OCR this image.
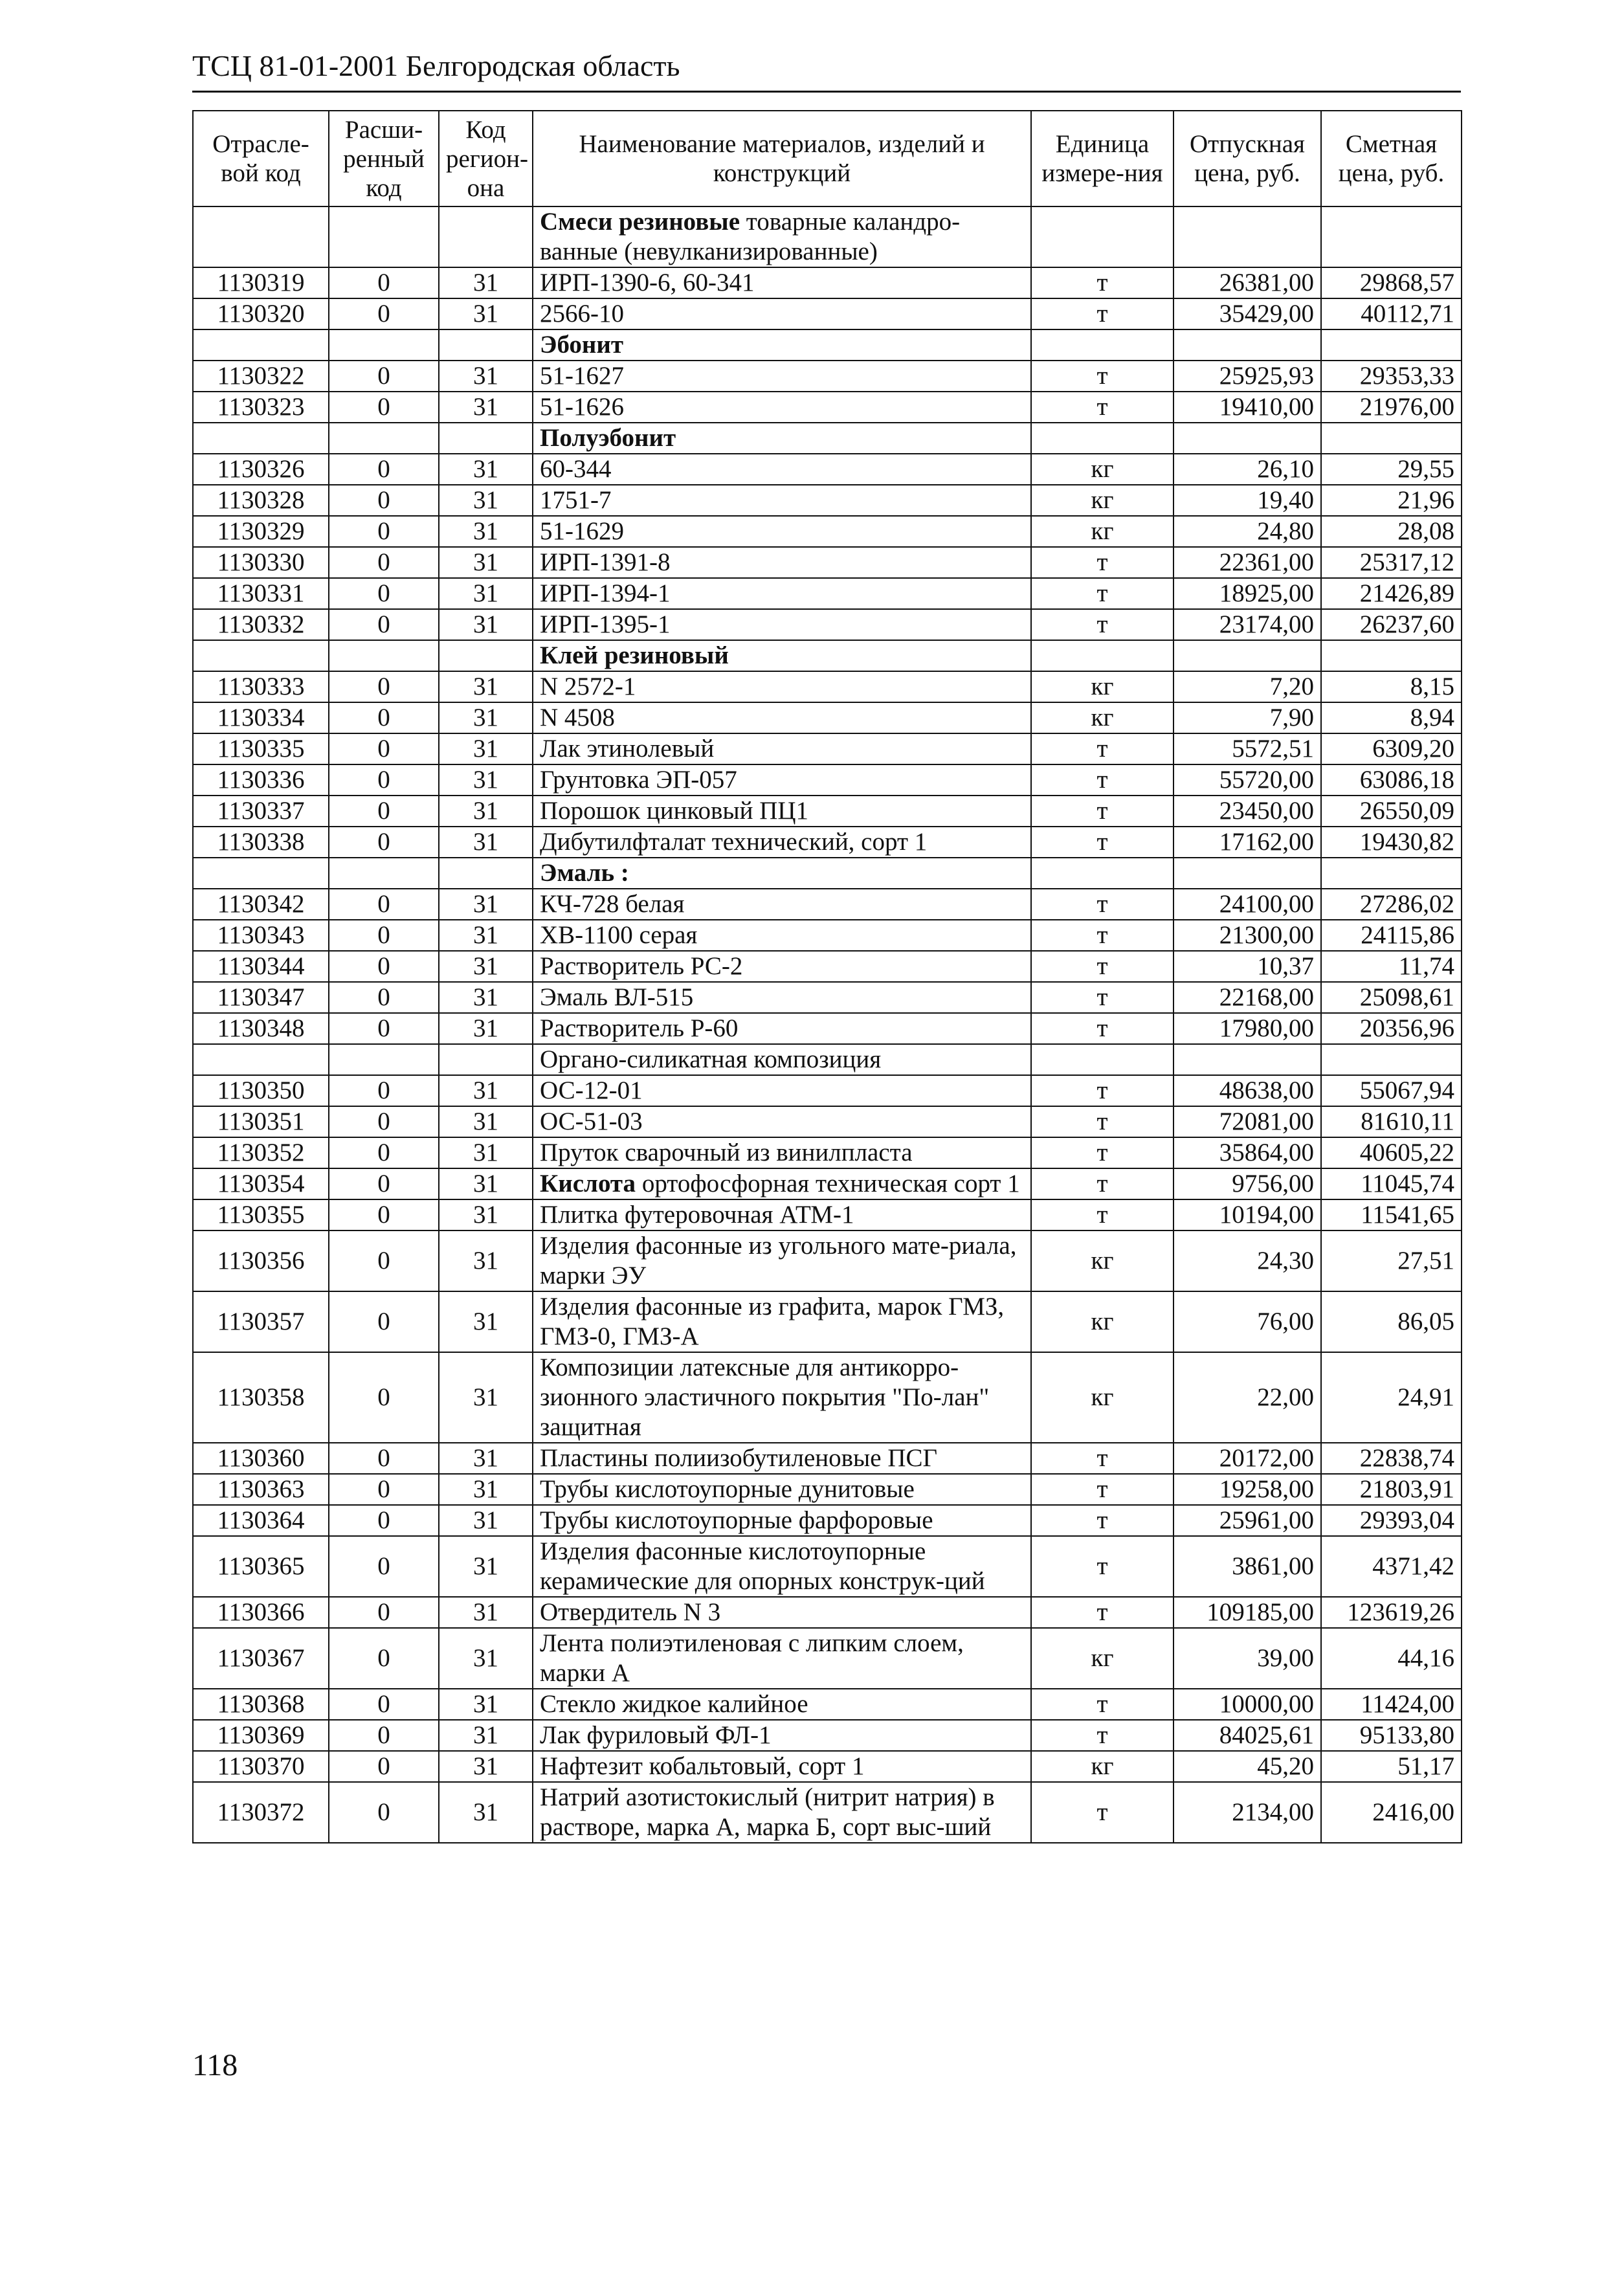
ТСЦ 81-01-2001 Белгородская область
Отрасле-вой код	Расши-ренный код	Код регион-она	Наименование материалов, изделий и конструкций	Единица измере-ния	Отпускная цена, руб.	Сметная цена, руб.
			Смеси резиновые товарные каландро-ванные (невулканизированные)			
1130319	0	31	ИРП-1390-6, 60-341	т	26381,00	29868,57
1130320	0	31	2566-10	т	35429,00	40112,71
			Эбонит			
1130322	0	31	51-1627	т	25925,93	29353,33
1130323	0	31	51-1626	т	19410,00	21976,00
			Полуэбонит			
1130326	0	31	60-344	кг	26,10	29,55
1130328	0	31	1751-7	кг	19,40	21,96
1130329	0	31	51-1629	кг	24,80	28,08
1130330	0	31	ИРП-1391-8	т	22361,00	25317,12
1130331	0	31	ИРП-1394-1	т	18925,00	21426,89
1130332	0	31	ИРП-1395-1	т	23174,00	26237,60
			Клей резиновый			
1130333	0	31	N 2572-1	кг	7,20	8,15
1130334	0	31	N 4508	кг	7,90	8,94
1130335	0	31	Лак этинолевый	т	5572,51	6309,20
1130336	0	31	Грунтовка ЭП-057	т	55720,00	63086,18
1130337	0	31	Порошок цинковый ПЦ1	т	23450,00	26550,09
1130338	0	31	Дибутилфталат технический, сорт 1	т	17162,00	19430,82
			Эмаль :			
1130342	0	31	КЧ-728 белая	т	24100,00	27286,02
1130343	0	31	ХВ-1100 серая	т	21300,00	24115,86
1130344	0	31	Растворитель РС-2	т	10,37	11,74
1130347	0	31	Эмаль ВЛ-515	т	22168,00	25098,61
1130348	0	31	Растворитель Р-60	т	17980,00	20356,96
			Органо-силикатная композиция			
1130350	0	31	ОС-12-01	т	48638,00	55067,94
1130351	0	31	ОС-51-03	т	72081,00	81610,11
1130352	0	31	Пруток сварочный из винилпласта	т	35864,00	40605,22
1130354	0	31	Кислота ортофосфорная техническая сорт 1	т	9756,00	11045,74
1130355	0	31	Плитка футеровочная АТМ-1	т	10194,00	11541,65
1130356	0	31	Изделия фасонные из угольного мате-риала, марки ЭУ	кг	24,30	27,51
1130357	0	31	Изделия фасонные из графита, марок ГМЗ, ГМЗ-0, ГМЗ-А	кг	76,00	86,05
1130358	0	31	Композиции латексные для антикорро-зионного эластичного покрытия "По-лан" защитная	кг	22,00	24,91
1130360	0	31	Пластины полиизобутиленовые ПСГ	т	20172,00	22838,74
1130363	0	31	Трубы кислотоупорные дунитовые	т	19258,00	21803,91
1130364	0	31	Трубы кислотоупорные фарфоровые	т	25961,00	29393,04
1130365	0	31	Изделия фасонные кислотоупорные керамические для опорных конструк-ций	т	3861,00	4371,42
1130366	0	31	Отвердитель N 3	т	109185,00	123619,26
1130367	0	31	Лента полиэтиленовая с липким слоем, марки А	кг	39,00	44,16
1130368	0	31	Стекло жидкое калийное	т	10000,00	11424,00
1130369	0	31	Лак фуриловый ФЛ-1	т	84025,61	95133,80
1130370	0	31	Нафтезит кобальтовый, сорт 1	кг	45,20	51,17
1130372	0	31	Натрий азотистокислый (нитрит натрия) в растворе, марка А, марка Б, сорт выс-ший	т	2134,00	2416,00
118
